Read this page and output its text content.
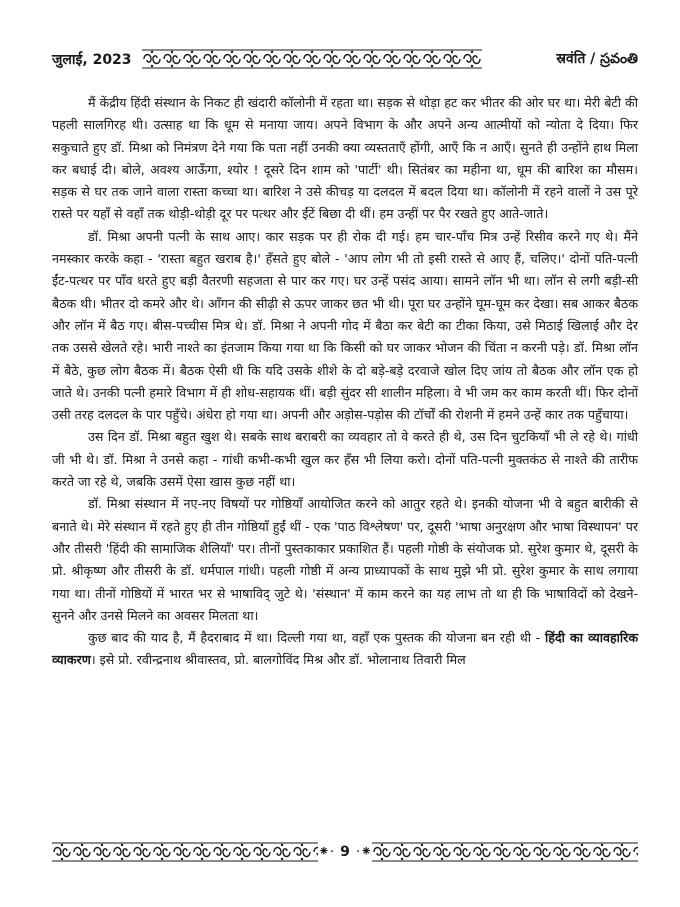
जुलाई, 2023	स्रवंति / స్రవంతి

मैं केंद्रीय हिंदी संस्थान के निकट ही खंदारी कॉलोनी में रहता था। सड़क से थोड़ा हट कर भीतर की ओर घर था। मेरी बेटी की पहली सालगिरह थी। उत्साह था कि धूम से मनाया जाय। अपने विभाग के और अपने अन्य आत्मीयों को न्योता दे दिया। फिर सकुचाते हुए डॉ. मिश्रा को निमंत्रण देने गया कि पता नहीं उनकी क्या व्यस्तताएँ होंगी, आएँ कि न आएँ। सुनते ही उन्होंने हाथ मिला कर बधाई दी। बोले, अवश्य आऊँगा, श्योर ! दूसरे दिन शाम को 'पार्टी' थी। सितंबर का महीना था, धूम की बारिश का मौसम। सड़क से घर तक जाने वाला रास्ता कच्चा था। बारिश ने उसे कीचड़ या दलदल में बदल दिया था। कॉलोनी में रहने वालों ने उस पूरे रास्ते पर यहाँ से वहाँ तक थोड़ी-थोड़ी दूर पर पत्थर और ईंटें बिछा दी थीं। हम उन्हीं पर पैर रखते हुए आते-जाते।

डॉ. मिश्रा अपनी पत्नी के साथ आए। कार सड़क पर ही रोक दी गई। हम चार-पाँच मित्र उन्हें रिसीव करने गए थे। मैंने नमस्कार करके कहा - 'रास्ता बहुत खराब है।' हँसते हुए बोले - 'आप लोग भी तो इसी रास्ते से आए हैं, चलिए।' दोनों पति-पत्नी ईंट-पत्थर पर पाँव धरते हुए बड़ी वैतरणी सहजता से पार कर गए। घर उन्हें पसंद आया। सामने लॉन भी था। लॉन से लगी बड़ी-सी बैठक थी। भीतर दो कमरे और थे। आँगन की सीढ़ी से ऊपर जाकर छत भी थी। पूरा घर उन्होंने घूम-घूम कर देखा। सब आकर बैठक और लॉन में बैठ गए। बीस-पच्चीस मित्र थे। डॉ. मिश्रा ने अपनी गोद में बैठा कर बेटी का टीका किया, उसे मिठाई खिलाई और देर तक उससे खेलते रहे। भारी नाश्ते का इंतजाम किया गया था कि किसी को घर जाकर भोजन की चिंता न करनी पड़े। डॉ. मिश्रा लॉन में बैठे, कुछ लोग बैठक में। बैठक ऐसी थी कि यदि उसके शीशे के दो बड़े-बड़े दरवाजे खोल दिए जांय तो बैठक और लॉन एक हो जाते थे। उनकी पत्नी हमारे विभाग में ही शोध-सहायक थीं। बड़ी सुंदर सी शालीन महिला। वे भी जम कर काम करती थीं। फिर दोनों उसी तरह दलदल के पार पहुँचे। अंधेरा हो गया था। अपनी और अड़ोस-पड़ोस की टॉर्चों की रोशनी में हमने उन्हें कार तक पहुँचाया।

उस दिन डॉ. मिश्रा बहुत खुश थे। सबके साथ बराबरी का व्यवहार तो वे करते ही थे, उस दिन चुटकियाँ भी ले रहे थे। गांधी जी भी थे। डॉ. मिश्रा ने उनसे कहा - गांधी कभी-कभी खुल कर हँस भी लिया करो। दोनों पति-पत्नी मुक्तकंठ से नाश्ते की तारीफ करते जा रहे थे, जबकि उसमें ऐसा खास कुछ नहीं था।

डॉ. मिश्रा संस्थान में नए-नए विषयों पर गोष्ठियाँ आयोजित करने को आतुर रहते थे। इनकी योजना भी वे बहुत बारीकी से बनाते थे। मेरे संस्थान में रहते हुए ही तीन गोष्ठियाँ हुईं थीं - एक 'पाठ विश्लेषण' पर, दूसरी 'भाषा अनुरक्षण और भाषा विस्थापन' पर और तीसरी 'हिंदी की सामाजिक शैलियाँ' पर। तीनों पुस्तकाकार प्रकाशित हैं। पहली गोष्ठी के संयोजक प्रो. सुरेश कुमार थे, दूसरी के प्रो. श्रीकृष्ण और तीसरी के डॉ. धर्मपाल गांधी। पहली गोष्ठी में अन्य प्राध्यापकों के साथ मुझे भी प्रो. सुरेश कुमार के साथ लगाया गया था। तीनों गोष्ठियों में भारत भर से भाषाविद् जुटे थे। 'संस्थान' में काम करने का यह लाभ तो था ही कि भाषाविदों को देखने-सुनने और उनसे मिलने का अवसर मिलता था।

कुछ बाद की याद है, मैं हैदराबाद में था। दिल्ली गया था, वहाँ एक पुस्तक की योजना बन रही थी - हिंदी का व्यावहारिक व्याकरण। इसे प्रो. रवीन्द्रनाथ श्रीवास्तव, प्रो. बालगोविंद मिश्र और डॉ. भोलानाथ तिवारी मिल

⁕⋅ 9 ⋅⁕
